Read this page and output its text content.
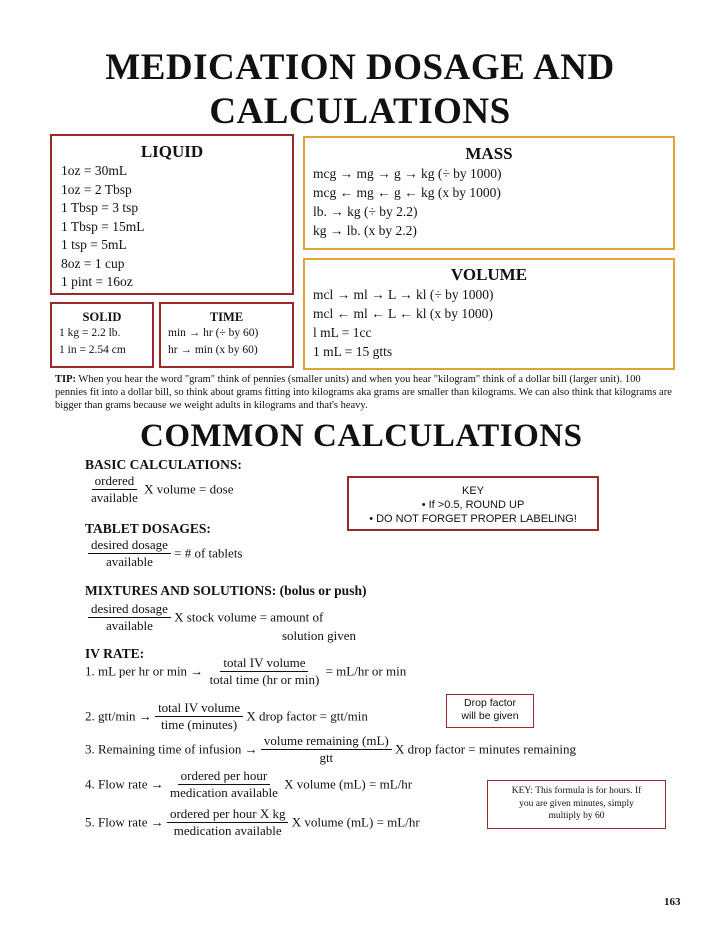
MEDICATION DOSAGE AND
CALCULATIONS
LIQUID
1oz = 30mL
1oz = 2 Tbsp
1 Tbsp = 3 tsp
1 Tbsp = 15mL
1 tsp = 5mL
8oz = 1 cup
1 pint = 16oz
MASS
mcg → mg → g → kg (÷ by 1000)
mcg ← mg ← g ← kg (x by 1000)
lb. → kg (÷ by 2.2)
kg → lb. (x by 2.2)
VOLUME
mcl → ml → L → kl (÷ by 1000)
mcl ← ml ← L ← kl (x by 1000)
l mL = 1cc
1 mL = 15 gtts
SOLID
1 kg = 2.2 lb.
1 in = 2.54 cm
TIME
min → hr (÷ by 60)
hr → min (x by 60)
TIP: When you hear the word "gram" think of pennies (smaller units) and when you hear "kilogram" think of a dollar bill (larger unit). 100 pennies fit into a dollar bill, so think about grams fitting into kilograms aka grams are smaller than kilograms. We can also think that kilograms are bigger than grams because we weight adults in kilograms and that's heavy.
COMMON CALCULATIONS
BASIC CALCULATIONS:
$\frac{\text{ordered}}{\text{available}}$ X volume = dose	KEY
• If >0.5, ROUND UP
• DO NOT FORGET PROPER LABELING!
TABLET DOSAGES:
$\frac{\text{desired dosage}}{\text{available}}$ = # of tablets
MIXTURES AND SOLUTIONS: (bolus or push)
$\frac{\text{desired dosage}}{\text{available}}$ X stock volume = amount of
solution given
IV RATE:
1. mL per hr or $\min \to \frac{\text{total IV volume}}{\text{total time (hr or min)}} = mL/hr$ or min
2. $gtt/\min \to \frac{\text{total IV volume}}{\text{time (minutes)}}$ X drop factor = gtt/min
Drop factor
will be given
3. Remaining time of infusion → $\frac{\text{volume remaining (mL)}}{\text{gtt}}$ X drop factor = minutes remaining
4. Flow rate → $\frac{\text{ordered per hour}}{\text{medication available}}$ X volume (mL) = mL/hr	KEY: This formula is for hours. If
you are given minutes, simply
multiply by 60
5. Flow rate → $\frac{\text{ordered per hour X kg}}{\text{medication available}}$ X volume (mL) = mL/hr
163
